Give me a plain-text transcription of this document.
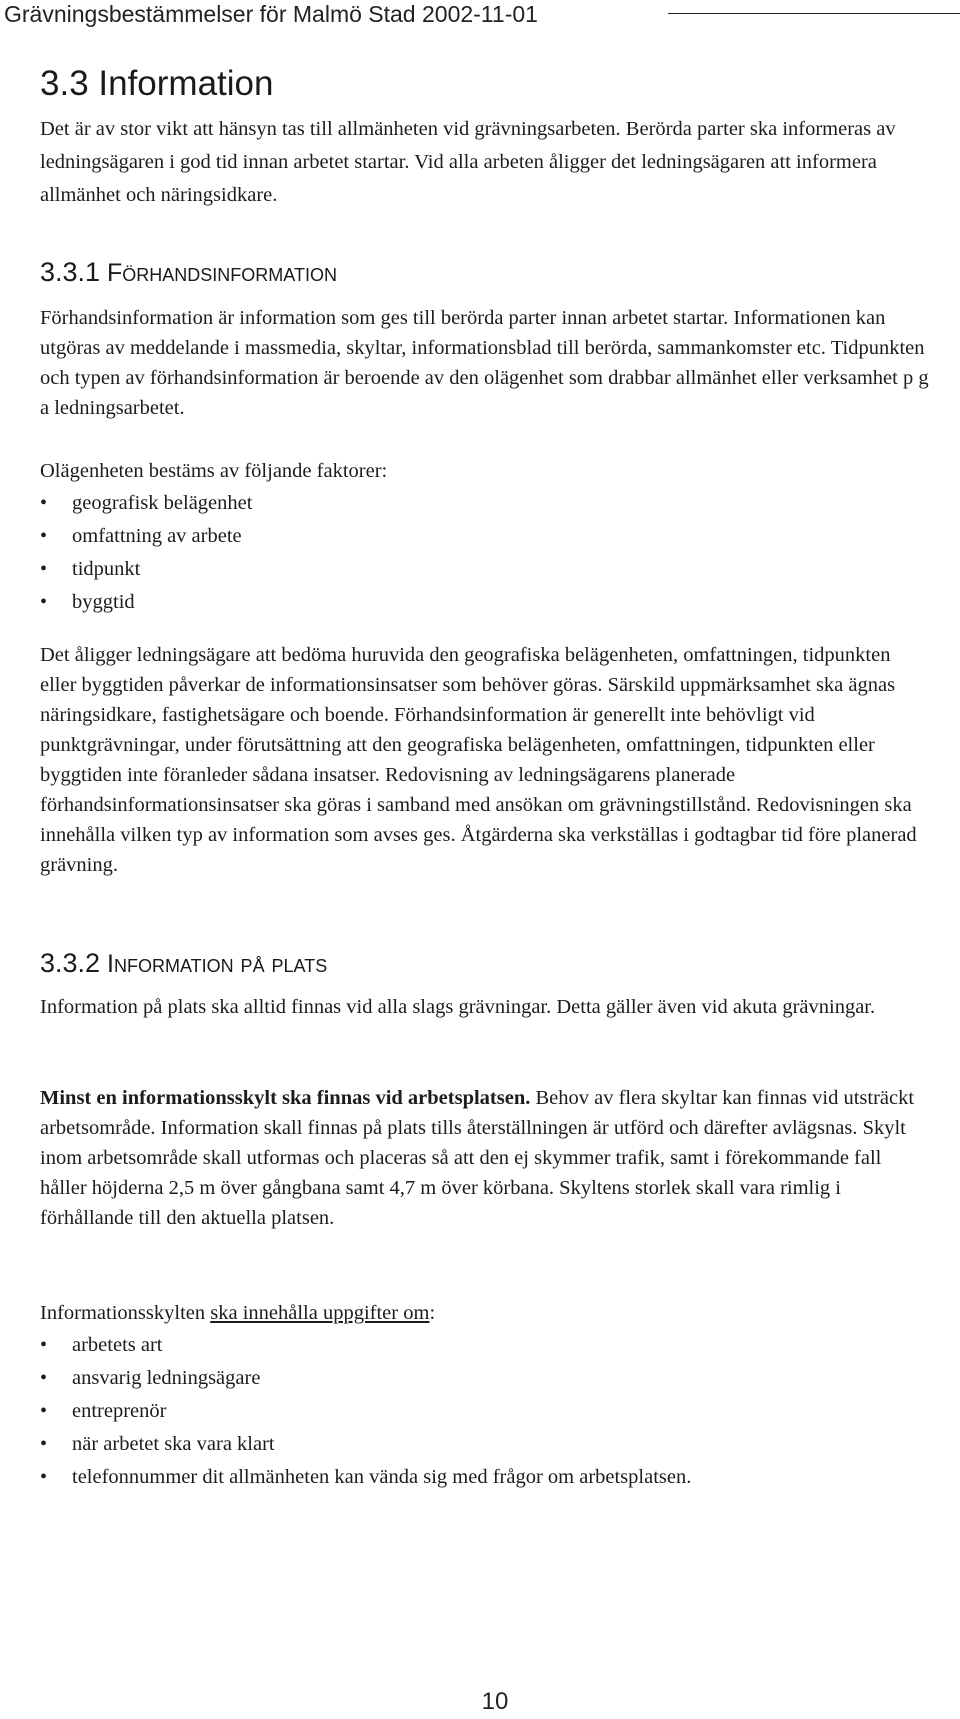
Grävningsbestämmelser för Malmö Stad 2002-11-01
3.3 Information

Det är av stor vikt att hänsyn tas till allmänheten vid grävningsarbeten. Berörda parter ska informeras av ledningsägaren i god tid innan arbetet startar. Vid alla arbeten åligger det ledningsägaren att informera allmänhet och näringsidkare.

3.3.1 Förhandsinformation

Förhandsinformation är information som ges till berörda parter innan arbetet startar. Informationen kan utgöras av meddelande i massmedia, skyltar, informationsblad till berörda, sammankomster etc. Tidpunkten och typen av förhandsinformation är beroende av den olägenhet som drabbar allmänhet eller verksamhet p g a ledningsarbetet.

Olägenheten bestäms av följande faktorer:

• geografisk belägenhet
• omfattning av arbete
• tidpunkt
• byggtid

Det åligger ledningsägare att bedöma huruvida den geografiska belägenheten, omfattningen, tidpunkten eller byggtiden påverkar de informationsinsatser som behöver göras. Särskild uppmärksamhet ska ägnas näringsidkare, fastighetsägare och boende. Förhandsinformation är generellt inte behövligt vid punktgrävningar, under förutsättning att den geografiska belägenheten, omfattningen, tidpunkten eller byggtiden inte föranleder sådana insatser. Redovisning av ledningsägarens planerade förhandsinformationsinsatser ska göras i samband med ansökan om grävningstillstånd. Redovisningen ska innehålla vilken typ av information som avses ges. Åtgärderna ska verkställas i godtagbar tid före planerad grävning.

3.3.2 Information på plats

Information på plats ska alltid finnas vid alla slags grävningar. Detta gäller även vid akuta grävningar.

Minst en informationsskylt ska finnas vid arbetsplatsen. Behov av flera skyltar kan finnas vid utsträckt arbetsområde. Information skall finnas på plats tills återställningen är utförd och därefter avlägsnas. Skylt inom arbetsområde skall utformas och placeras så att den ej skymmer trafik, samt i förekommande fall håller höjderna 2,5 m över gångbana samt 4,7 m över körbana. Skyltens storlek skall vara rimlig i förhållande till den aktuella platsen.

Informationsskylten ska innehålla uppgifter om:

• arbetets art
• ansvarig ledningsägare
• entreprenör
• när arbetet ska vara klart
• telefonnummer dit allmänheten kan vända sig med frågor om arbetsplatsen.
10
